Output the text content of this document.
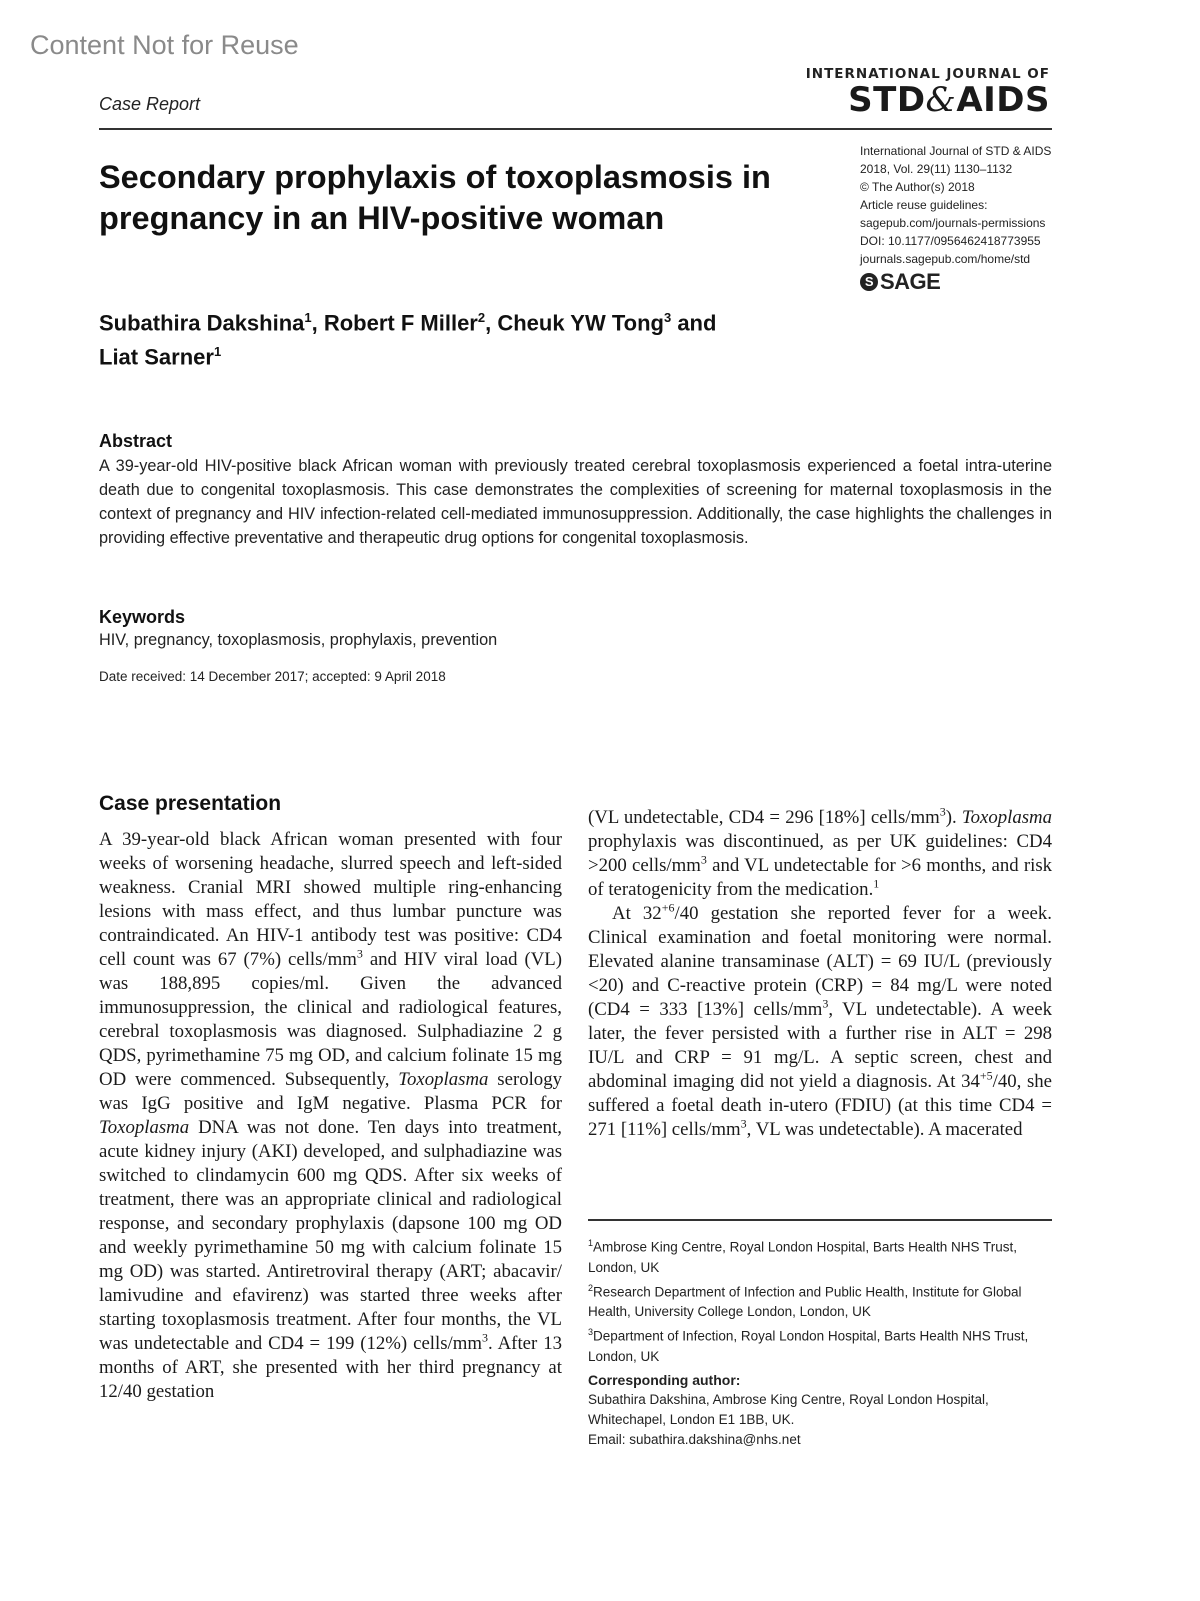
Content Not for Reuse
Case Report
INTERNATIONAL JOURNAL OF
STD&AIDS
Secondary prophylaxis of toxoplasmosis in pregnancy in an HIV-positive woman
International Journal of STD & AIDS
2018, Vol. 29(11) 1130–1132
© The Author(s) 2018
Article reuse guidelines:
sagepub.com/journals-permissions
DOI: 10.1177/0956462418773955
journals.sagepub.com/home/std
S SAGE
Subathira Dakshina$^1$, Robert F Miller$^2$, Cheuk YW Tong$^3$ and
Liat Sarner$^1$
Abstract
A 39-year-old HIV-positive black African woman with previously treated cerebral toxoplasmosis experienced a foetal intra-uterine death due to congenital toxoplasmosis. This case demonstrates the complexities of screening for maternal toxoplasmosis in the context of pregnancy and HIV infection-related cell-mediated immunosuppression. Additionally, the case highlights the challenges in providing effective preventative and therapeutic drug options for congenital toxoplasmosis.
Keywords
HIV, pregnancy, toxoplasmosis, prophylaxis, prevention
Date received: 14 December 2017; accepted: 9 April 2018
Case presentation

A 39-year-old black African woman presented with four weeks of worsening headache, slurred speech and left-sided weakness. Cranial MRI showed multiple ring-enhancing lesions with mass effect, and thus lumbar puncture was contraindicated. An HIV-1 antibody test was positive: CD4 cell count was 67 (7%) cells/$mm^3$ and HIV viral load (VL) was 188,895 copies/ml. Given the advanced immunosuppression, the clinical and radiological features, cerebral toxoplasmosis was diagnosed. Sulphadiazine 2 g QDS, pyrimethamine 75 mg OD, and calcium folinate 15 mg OD were commenced. Subsequently, Toxoplasma serology was IgG positive and IgM negative. Plasma PCR for Toxoplasma DNA was not done. Ten days into treatment, acute kidney injury (AKI) developed, and sulphadiazine was switched to clindamycin 600 mg QDS. After six weeks of treatment, there was an appropriate clinical and radiological response, and secondary prophylaxis (dapsone 100 mg OD and weekly pyrimethamine 50 mg with calcium folinate 15 mg OD) was started. Antiretroviral therapy (ART; abacavir/ lamivudine and efavirenz) was started three weeks after starting toxoplasmosis treatment. After four months, the VL was undetectable and CD4 = 199 (12%) cells/$mm^3$. After 13 months of ART, she presented with her third pregnancy at 12/40 gestation

(VL undetectable, CD4 = 296 [18%] cells/$mm^3$). Toxoplasma prophylaxis was discontinued, as per UK guidelines: CD4 >200 cells/$mm^3$ and VL undetectable for >6 months, and risk of teratogenicity from the medication.$^1$

At $32^{+6}/40$ gestation she reported fever for a week. Clinical examination and foetal monitoring were normal. Elevated alanine transaminase (ALT) = 69 IU/L (previously <20) and C-reactive protein (CRP) = 84 mg/L were noted (CD4 = 333 [13%] cells/$mm^3$, VL undetectable). A week later, the fever persisted with a further rise in ALT = 298 IU/L and CRP = 91 mg/L. A septic screen, chest and abdominal imaging did not yield a diagnosis. At $34^{+5}/40$, she suffered a foetal death in-utero (FDIU) (at this time CD4 = 271 [11%] cells/$mm^3$, VL was undetectable). A macerated

$^1$Ambrose King Centre, Royal London Hospital, Barts Health NHS Trust, London, UK

$^2$Research Department of Infection and Public Health, Institute for Global Health, University College London, London, UK

$^3$Department of Infection, Royal London Hospital, Barts Health NHS Trust, London, UK

Corresponding author:
Subathira Dakshina, Ambrose King Centre, Royal London Hospital, Whitechapel, London E1 1BB, UK.
Email: subathira.dakshina@nhs.net
